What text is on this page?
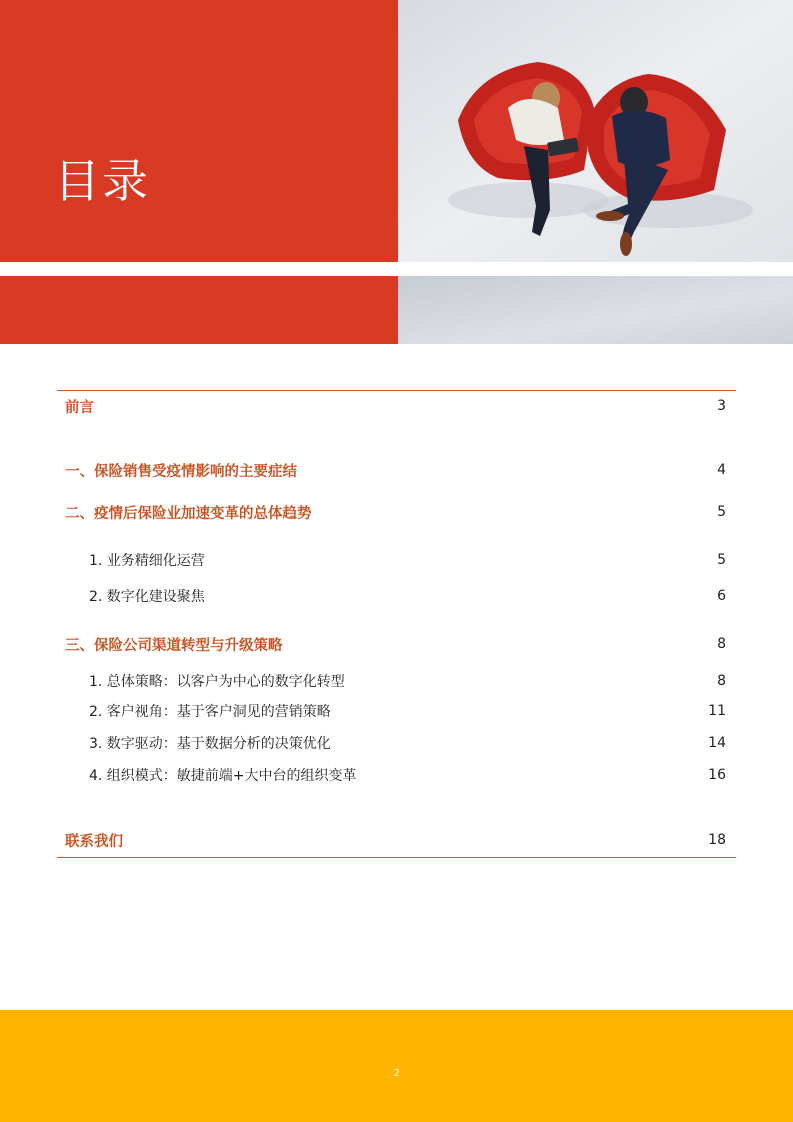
目录
前言	3
一、保险销售受疫情影响的主要症结	4
二、疫情后保险业加速变革的总体趋势	5
1. 业务精细化运营	5
2. 数字化建设聚焦	6
三、保险公司渠道转型与升级策略	8
1. 总体策略：以客户为中心的数字化转型	8
2. 客户视角：基于客户洞见的营销策略	11
3. 数字驱动：基于数据分析的决策优化	14
4. 组织模式：敏捷前端+大中台的组织变革	16
联系我们	18
2
